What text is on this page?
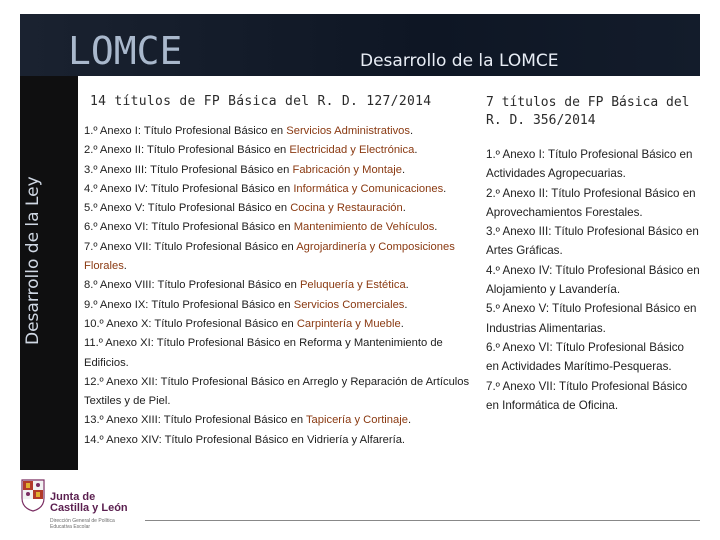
LOMCE	Desarrollo de la LOMCE
Desarrollo de la Ley
14 títulos de FP Básica del R. D. 127/2014	7 títulos de FP Básica del R. D. 356/2014
1.º Anexo I: Título Profesional Básico en Servicios Administrativos.
2.º Anexo II: Título Profesional Básico en Electricidad y Electrónica.
3.º Anexo III: Título Profesional Básico en Fabricación y Montaje.
4.º Anexo IV: Título Profesional Básico en Informática y Comunicaciones.
5.º Anexo V: Título Profesional Básico en Cocina y Restauración.
6.º Anexo VI: Título Profesional Básico en Mantenimiento de Vehículos.
7.º Anexo VII: Título Profesional Básico en Agrojardinería y Composiciones Florales.
8.º Anexo VIII: Título Profesional Básico en Peluquería y Estética.
9.º Anexo IX: Título Profesional Básico en Servicios Comerciales.
10.º Anexo X: Título Profesional Básico en Carpintería y Mueble.
11.º Anexo XI: Título Profesional Básico en Reforma y Mantenimiento de Edificios.
12.º Anexo XII: Título Profesional Básico en Arreglo y Reparación de Artículos Textiles y de Piel.
13.º Anexo XIII: Título Profesional Básico en Tapicería y Cortinaje.
14.º Anexo XIV: Título Profesional Básico en Vidriería y Alfarería.
1.º Anexo I: Título Profesional Básico en Actividades Agropecuarias.
2.º Anexo II: Título Profesional Básico en Aprovechamientos Forestales.
3.º Anexo III: Título Profesional Básico en Artes Gráficas.
4.º Anexo IV: Título Profesional Básico en Alojamiento y Lavandería.
5.º Anexo V: Título Profesional Básico en Industrias Alimentarias.
6.º Anexo VI: Título Profesional Básico en Actividades Marítimo-Pesqueras.
7.º Anexo VII: Título Profesional Básico en Informática de Oficina.
Junta de
Castilla y León
Dirección General de Política
Educativa Escolar
